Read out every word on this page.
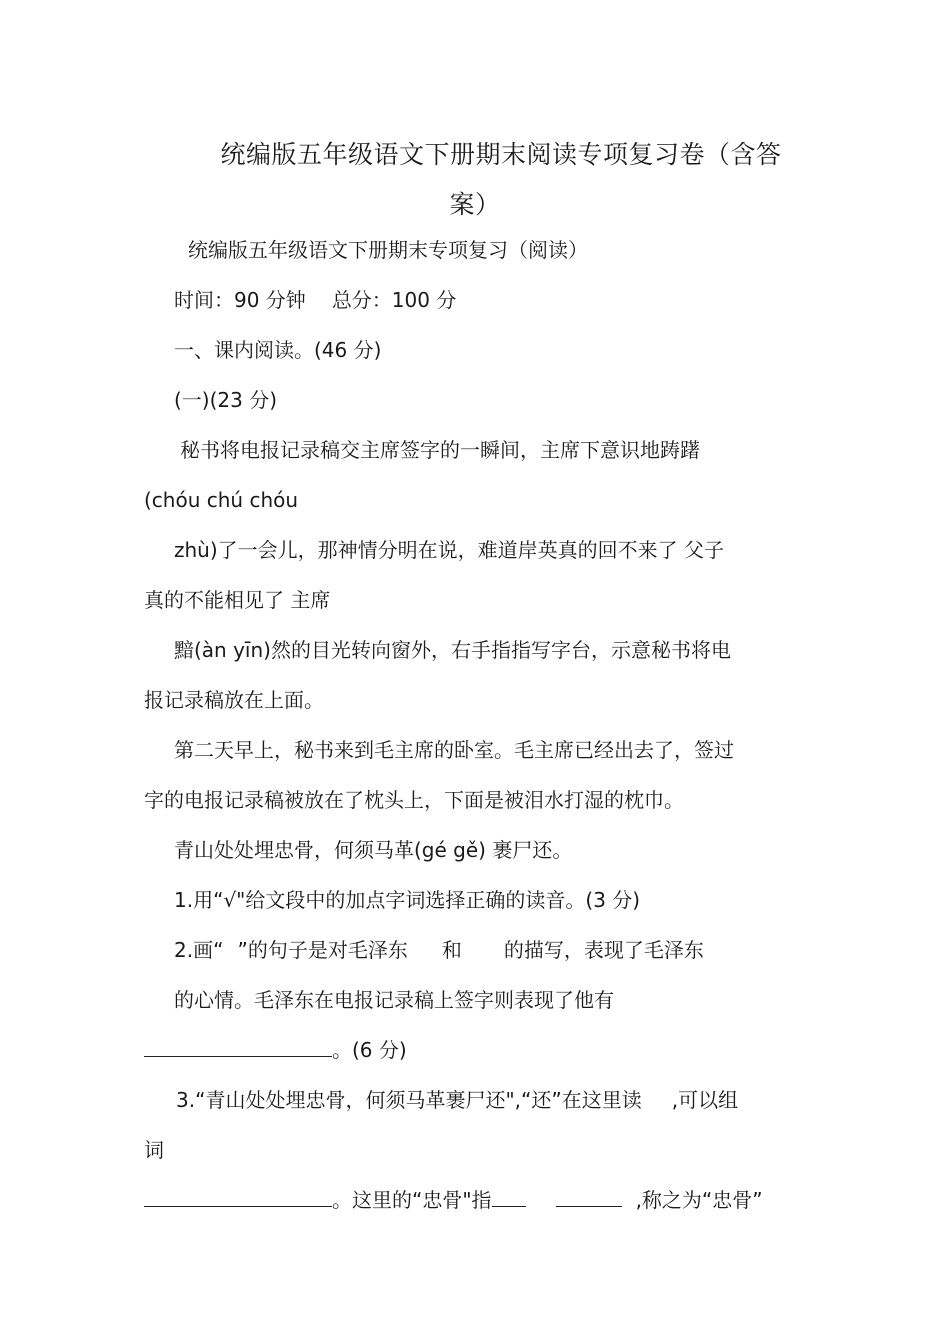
统编版五年级语文下册期末阅读专项复习卷（含答
案）
统编版五年级语文下册期末专项复习（阅读）
时间：90 分钟 总分：100 分
一、课内阅读。(46 分)
(一)(23 分)
秘书将电报记录稿交主席签字的一瞬间，主席下意识地踌躇
(chóu chú chóu
zhù)了一会儿，那神情分明在说，难道岸英真的回不来了 父子
真的不能相见了 主席
黯(àn yīn)然的目光转向窗外，右手指指写字台，示意秘书将电
报记录稿放在上面。
第二天早上，秘书来到毛主席的卧室。毛主席已经出去了，签过
字的电报记录稿被放在了枕头上，下面是被泪水打湿的枕巾。
青山处处埋忠骨，何须马革(gé gě) 裹尸还。
1.用“√"给文段中的加点字词选择正确的读音。(3 分)
2.画“ ”的句子是对毛泽东 和 的描写，表现了毛泽东
的心情。毛泽东在电报记录稿上签字则表现了他有
。(6 分)
3.“青山处处埋忠骨，何须马革裹尸还",“还”在这里读 ,可以组
词
。这里的“忠骨"指	,称之为“忠骨”
